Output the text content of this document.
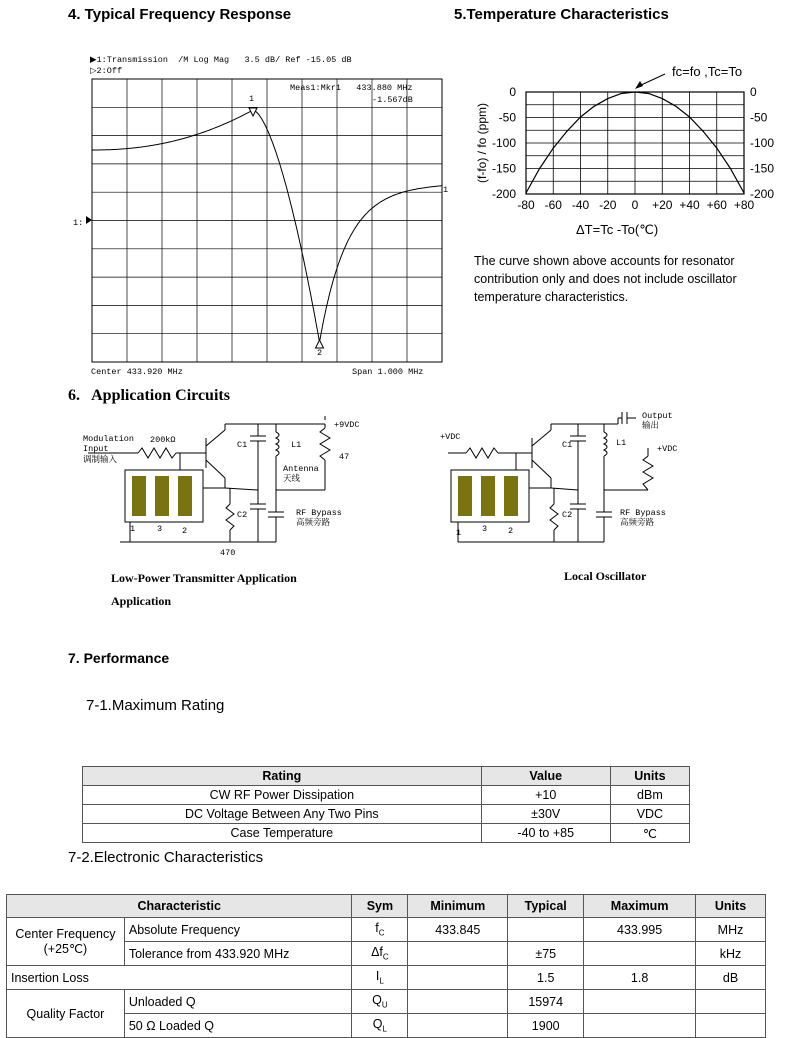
4. Typical Frequency Response	5.Temperature Characteristics
▶1:Transmission  /M Log Mag   3.5 dB/ Ref -15.05 dB
▷2:Off
Meas1:Mkr1   433.880 MHz
-1.567dB
1:
Center 433.920 MHz	Span 1.000 MHz
1
2
1
-80 -60 -40 -20 0 +20 +40 +60 +80
0
-50
-100
-150
-200
0
-50
-100
-150
-200
(f-fo) / fo (ppm)
fc=fo ,Tc=To
ΔT=Tc -To(℃)
The curve shown above accounts for resonator
contribution only and does not include oscillator
temperature characteristics.
6.   Application Circuits
Modulation
Input
调制输入
200kΩ	C1	L1
+9VDC
47
Antenna
天线
C2	RF Bypass
高频旁路
470
1	3 2
Low-Power Transmitter Application
Application
+VDC
Output
输出
C1	L1
+VDC
C2	RF Bypass
高频旁路
1 3 2
Local Oscillator
7. Performance
7-1.Maximum Rating
Rating	Value	Units
CW RF Power Dissipation	+10	dBm
DC Voltage Between Any Two Pins	±30V	VDC
Case Temperature	-40 to +85	℃
7-2.Electronic Characteristics
Characteristic		Sym	Minimum	Typical	Maximum	Units
Center Frequency
(+25℃)	Absolute Frequency	$f_C$	433.845		433.995	MHz
	Tolerance from 433.920 MHz	$\Delta f_C$		±75		kHz
Insertion Loss		$I_L$		1.5	1.8	dB
Quality Factor	Unloaded Q	$Q_U$		15974		
	50 Ω Loaded Q	$Q_L$		1900		
